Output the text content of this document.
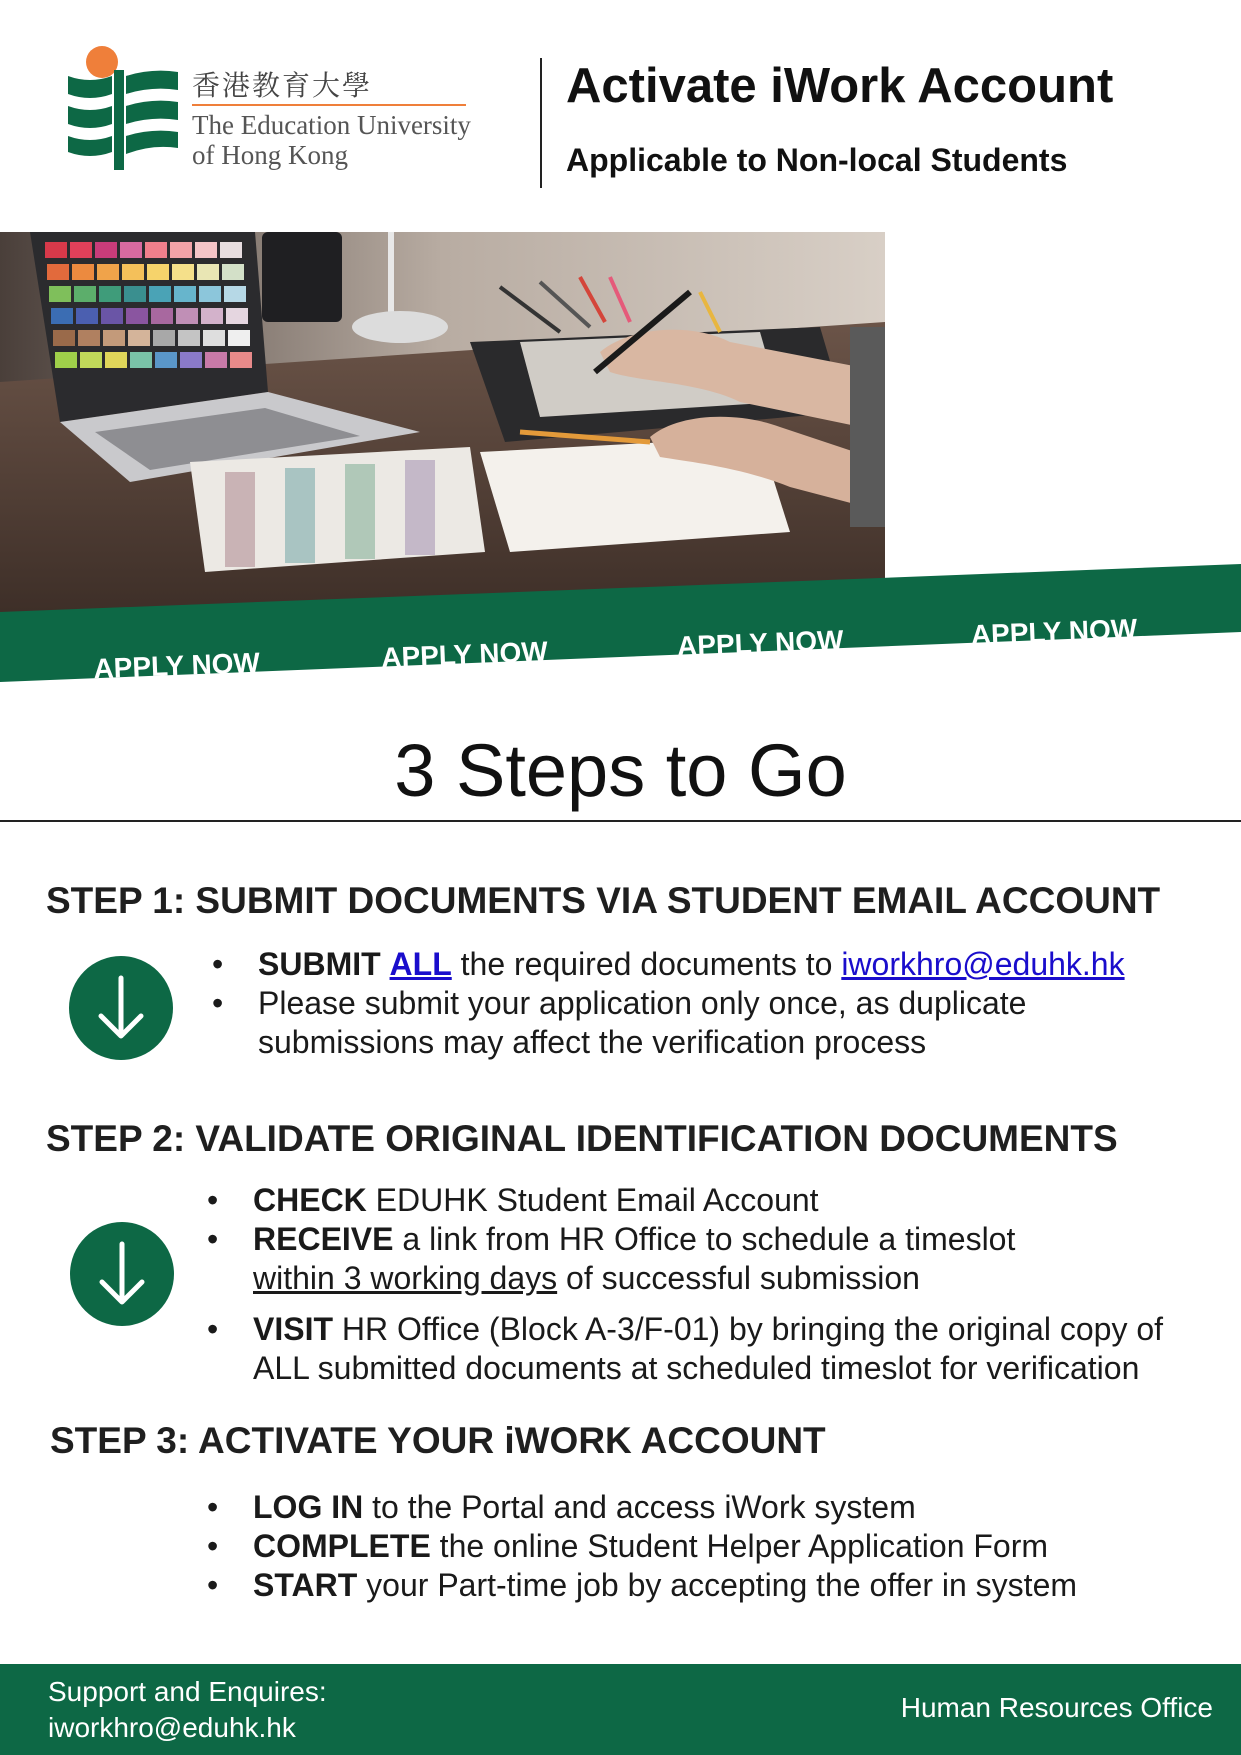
香港教育大學
The Education University
of Hong Kong
Activate iWork Account
Applicable to Non-local Students
APPLY NOW	APPLY NOW	APPLY NOW	APPLY NOW
3 Steps to Go
STEP 1: SUBMIT DOCUMENTS VIA STUDENT EMAIL ACCOUNT
• SUBMIT ALL the required documents to iworkhro@eduhk.hk
• Please submit your application only once, as duplicate
submissions may affect the verification process
STEP 2: VALIDATE ORIGINAL IDENTIFICATION DOCUMENTS
• CHECK EDUHK Student Email Account
• RECEIVE a link from HR Office to schedule a timeslot
within 3 working days of successful submission
• VISIT HR Office (Block A-3/F-01) by bringing the original copy of
ALL submitted documents at scheduled timeslot for verification
STEP 3: ACTIVATE YOUR iWORK ACCOUNT
• LOG IN to the Portal and access iWork system
• COMPLETE the online Student Helper Application Form
• START your Part-time job by accepting the offer in system
Support and Enquires:
iworkhro@eduhk.hk
Human Resources Office
